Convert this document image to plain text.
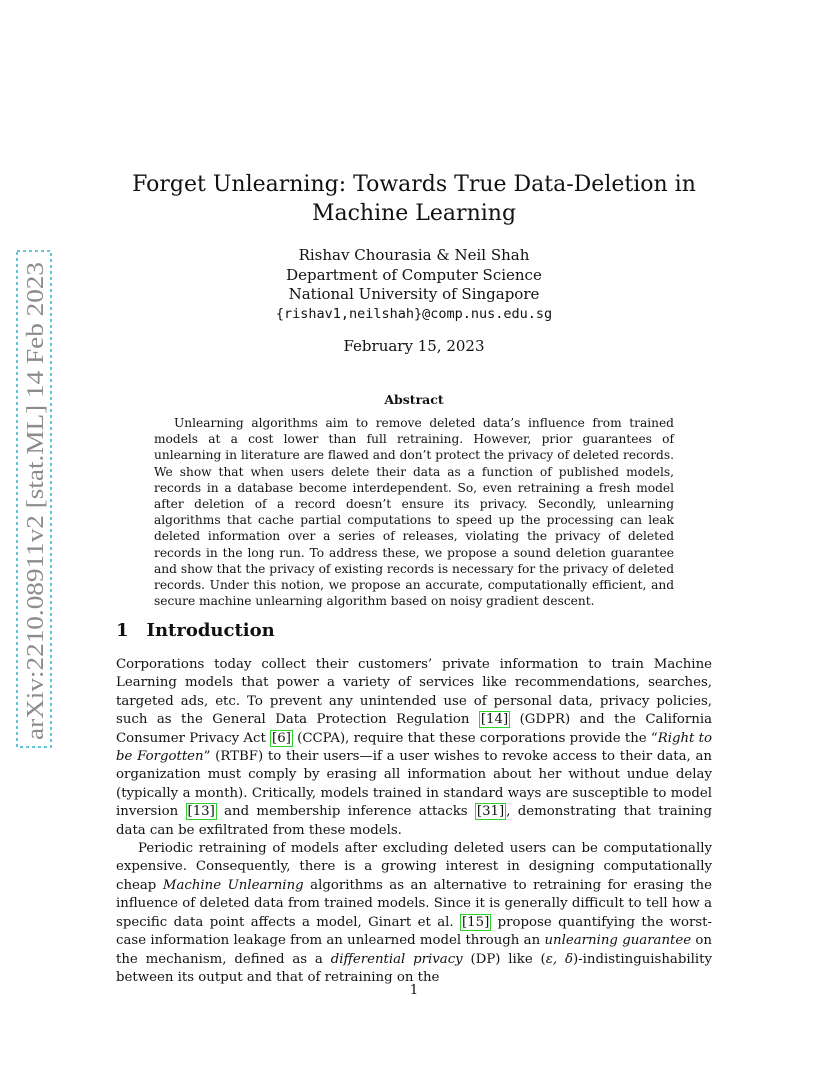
arXiv:2210.08911v2 [stat.ML] 14 Feb 2023
Forget Unlearning: Towards True Data-Deletion in
Machine Learning
Rishav Chourasia & Neil Shah
Department of Computer Science
National University of Singapore
{rishav1,neilshah}@comp.nus.edu.sg
February 15, 2023
Abstract

Unlearning algorithms aim to remove deleted data’s influence from trained models at a cost lower than full retraining. However, prior guarantees of unlearning in literature are flawed and don’t protect the privacy of deleted records. We show that when users delete their data as a function of published models, records in a database become interdependent. So, even retraining a fresh model after deletion of a record doesn’t ensure its privacy. Secondly, unlearning algorithms that cache partial computations to speed up the processing can leak deleted information over a series of releases, violating the privacy of deleted records in the long run. To address these, we propose a sound deletion guarantee and show that the privacy of existing records is necessary for the privacy of deleted records. Under this notion, we propose an accurate, computationally efficient, and secure machine unlearning algorithm based on noisy gradient descent.

1 Introduction

Corporations today collect their customers’ private information to train Machine Learning models that power a variety of services like recommendations, searches, targeted ads, etc. To prevent any unintended use of personal data, privacy policies, such as the General Data Protection Regulation [14] (GDPR) and the California Consumer Privacy Act [6] (CCPA), require that these corporations provide the “Right to be Forgotten” (RTBF) to their users—if a user wishes to revoke access to their data, an organization must comply by erasing all information about her without undue delay (typically a month). Critically, models trained in standard ways are susceptible to model inversion [13] and membership inference attacks [31] , demonstrating that training data can be exfiltrated from these models.

Periodic retraining of models after excluding deleted users can be computationally expensive. Consequently, there is a growing interest in designing computationally cheap Machine Unlearning algorithms as an alternative to retraining for erasing the influence of deleted data from trained models. Since it is generally difficult to tell how a specific data point affects a model, Ginart et al. [15] propose quantifying the worst-case information leakage from an unlearned model through an unlearning guarantee on the mechanism, defined as a differential privacy (DP) like (ε, δ)-indistinguishability between its output and that of retraining on the

1
